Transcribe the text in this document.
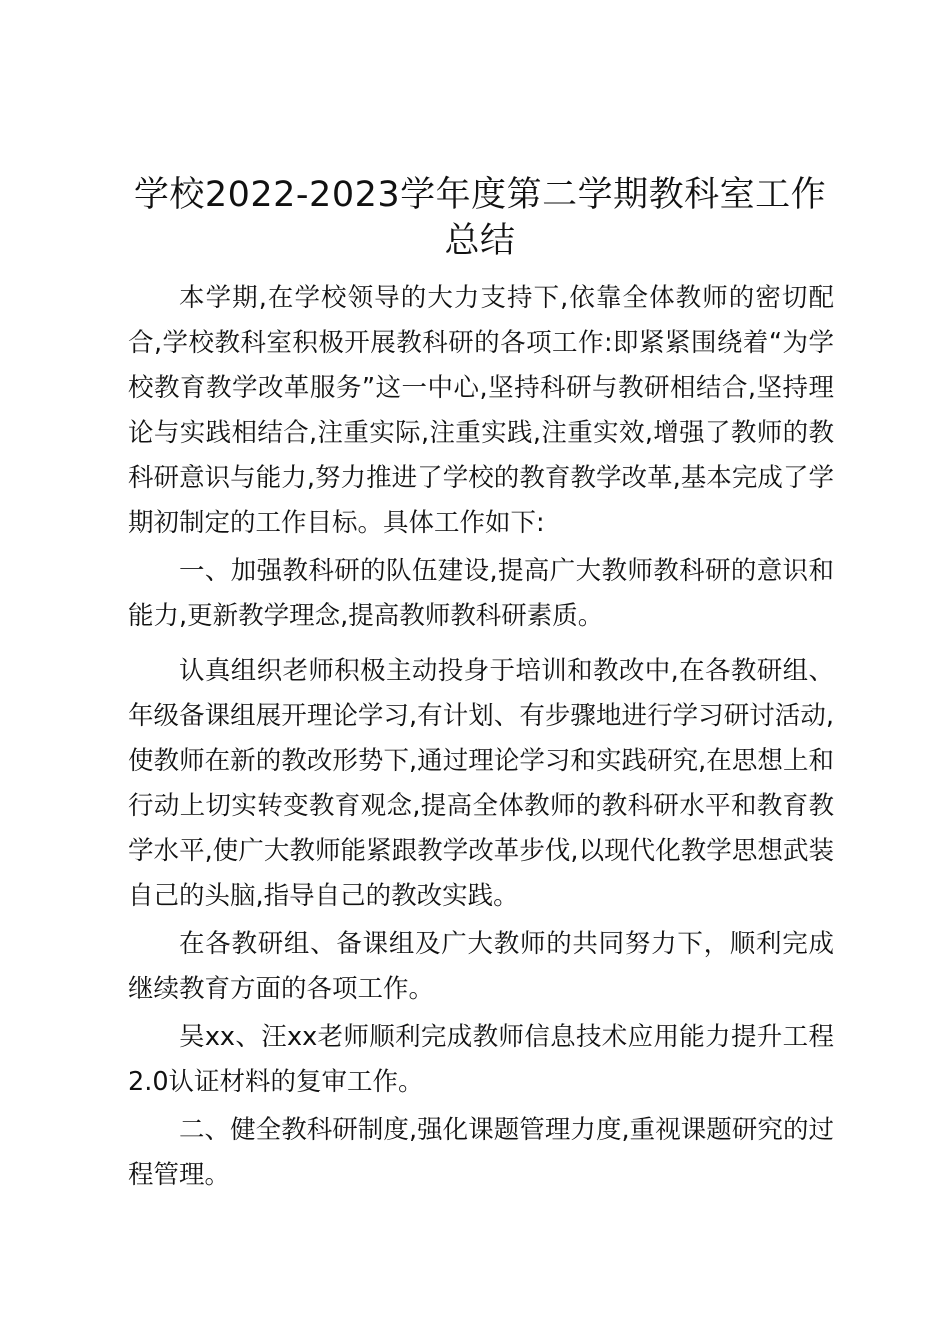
学校2022-2023学年度第二学期教科室工作
总结

本学期,在学校领导的大力支持下,依靠全体教师的密切配合,学校教科室积极开展教科研的各项工作:即紧紧围绕着“为学校教育教学改革服务”这一中心,坚持科研与教研相结合,坚持理论与实践相结合,注重实际,注重实践,注重实效,增强了教师的教科研意识与能力,努力推进了学校的教育教学改革,基本完成了学期初制定的工作目标。具体工作如下:

一、加强教科研的队伍建设,提高广大教师教科研的意识和能力,更新教学理念,提高教师教科研素质。

认真组织老师积极主动投身于培训和教改中,在各教研组、年级备课组展开理论学习,有计划、有步骤地进行学习研讨活动,使教师在新的教改形势下,通过理论学习和实践研究,在思想上和行动上切实转变教育观念,提高全体教师的教科研水平和教育教学水平,使广大教师能紧跟教学改革步伐,以现代化教学思想武装自己的头脑,指导自己的教改实践。

在各教研组、备课组及广大教师的共同努力下，顺利完成继续教育方面的各项工作。

吴xx、汪xx老师顺利完成教师信息技术应用能力提升工程2.0认证材料的复审工作。

二、健全教科研制度,强化课题管理力度,重视课题研究的过程管理。
